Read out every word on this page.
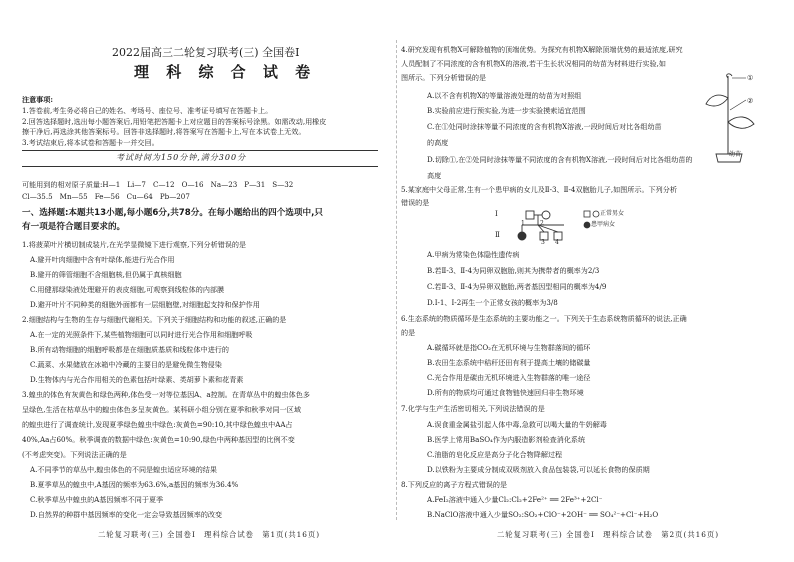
2022届高三二轮复习联考(三) 全国卷Ⅰ
理 科 综 合 试 卷
注意事项:
1.答卷前,考生务必将自己的姓名、考场号、座位号、准考证号填写在答题卡上。
2.回答选择题时,选出每小题答案后,用铅笔把答题卡上对应题目的答案标号涂黑。如需改动,用橡皮
擦干净后,再选涂其他答案标号。回答非选择题时,将答案写在答题卡上,写在本试卷上无效。
3.考试结束后,将本试卷和答题卡一并交回。
考试时间为150分钟,满分300分
可能用到的相对原子质量:H—1　Li—7　C—12　O—16　Na—23　P—31　S—32
Cl—35.5　Mn—55　Fe—56　Cu—64　Pb—207
一、选择题:本题共13小题,每小题6分,共78分。在每小题给出的四个选项中,只
有一项是符合题目要求的。
1.将菠菜叶片横切制成装片,在光学显微镜下进行观察,下列分析错误的是
A.避开叶肉细胞中含有叶绿体,能进行光合作用
B.避开的筛管细胞不含细胞核,但仍属于真核细胞
C.用健那绿染液处理避开的表皮细胞,可观察到线粒体的内部膜
D.避开叶片不同种类的细胞外面都有一层细胞壁,对细胞起支持和保护作用
2.细胞结构与生物的生存与细胞代谢相关。下列关于细胞结构和功能的叙述,正确的是
A.在一定的光照条件下,某些植物细胞可以同时进行光合作用和细胞呼吸
B.所有动物细胞的细胞呼吸都是在细胞质基质和线粒体中进行的
C.蔬菜、水果储放在冰箱中冷藏的主要目的是避免微生物侵染
D.生物体内与光合作用相关的色素包括叶绿素、类胡萝卜素和花青素
3.蝗虫的体色有灰黄色和绿色两种,体色受一对等位基因A、a控制。在青草丛中的蝗虫体色多
呈绿色,生活在枯草丛中的蝗虫体色多呈灰黄色。某科研小组分别在夏季和秋季对同一区域
的蝗虫进行了调查统计,发现夏季绿色蝗虫中绿色:灰黄色=90:10,其中绿色蝗虫中AA占
40%,Aa占60%。秋季调查的数据中绿色:灰黄色=10:90,绿色中两种基因型的比例不变
(不考虑突变)。下列说法正确的是
A.不同季节的草丛中,蝗虫体色的不同是蝗虫适应环境的结果
B.夏季草丛的蝗虫中,A基因的频率为63.6%,a基因的频率为36.4%
C.秋季草丛中蝗虫的A基因频率不同于夏季
D.自然界的种群中基因频率的变化一定会导致基因频率的改变
二轮复习联考(三) 全国卷Ⅰ　理科综合试卷　第1页(共16页)
4.研究发现有机物X可解除植物的顶端优势。为探究有机物X解除顶端优势的最适浓度,研究
人员配制了不同浓度的含有机物X的溶液,若干生长状况相同的幼苗为材料进行实验,如
图所示。下列分析错误的是
A.以不含有机物X的等量溶液处理的幼苗为对照组
B.实验前应进行预实验,为进一步实验摸索适宜范围
C.在①处同时涂抹等量不同浓度的含有机物X溶液,一段时间后对比各组幼苗
的高度
D.切除①,在②处同时涂抹等量不同浓度的含有机物X溶液,一段时间后对比各组幼苗的
高度
①
②
幼苗
5.某家庭中父母正常,生有一个患甲病的女儿及Ⅱ-3、Ⅱ-4双胞胎儿子,如图所示。下列分析
错误的是
Ⅰ
Ⅱ
1	2
3 4
正常男女
患甲病女
A.甲病为常染色体隐性遗传病
B.若Ⅱ-3、Ⅱ-4为同卵双胞胎,则其为携带者的概率为2/3
C.若Ⅱ-3、Ⅱ-4为异卵双胞胎,两者基因型相同的概率为4/9
D.Ⅰ-1、Ⅰ-2再生一个正常女孩的概率为3/8
6.生态系统的物质循环是生态系统的主要功能之一。下列关于生态系统物质循环的说法,正确
的是
A.碳循环就是指CO₂在无机环境与生物群落间的循环
B.农田生态系统中秸秆还田有利于提高土壤的储碳量
C.光合作用是碳由无机环境进入生物群落的唯一途径
D.所有的物质均可通过食物链快速回归非生物环境
7.化学与生产生活密切相关,下列说法错误的是
A.误食重金属盐引起人体中毒,急救可以喝大量的牛奶解毒
B.医学上常用BaSO₄作为内服造影剂检查消化系统
C.油脂的皂化反应是高分子化合物降解过程
D.以铁粉为主要成分制成双吸剂放入食品包装袋,可以延长食物的保质期
8.下列反应的离子方程式错误的是
A.FeI₂溶液中通入少量Cl₂:Cl₂+2Fe²⁺ ══ 2Fe³⁺+2Cl⁻
B.NaClO溶液中通入少量SO₂:SO₂+ClO⁻+2OH⁻ ══ SO₄²⁻+Cl⁻+H₂O
二轮复习联考(三) 全国卷Ⅰ　理科综合试卷　第2页(共16页)
